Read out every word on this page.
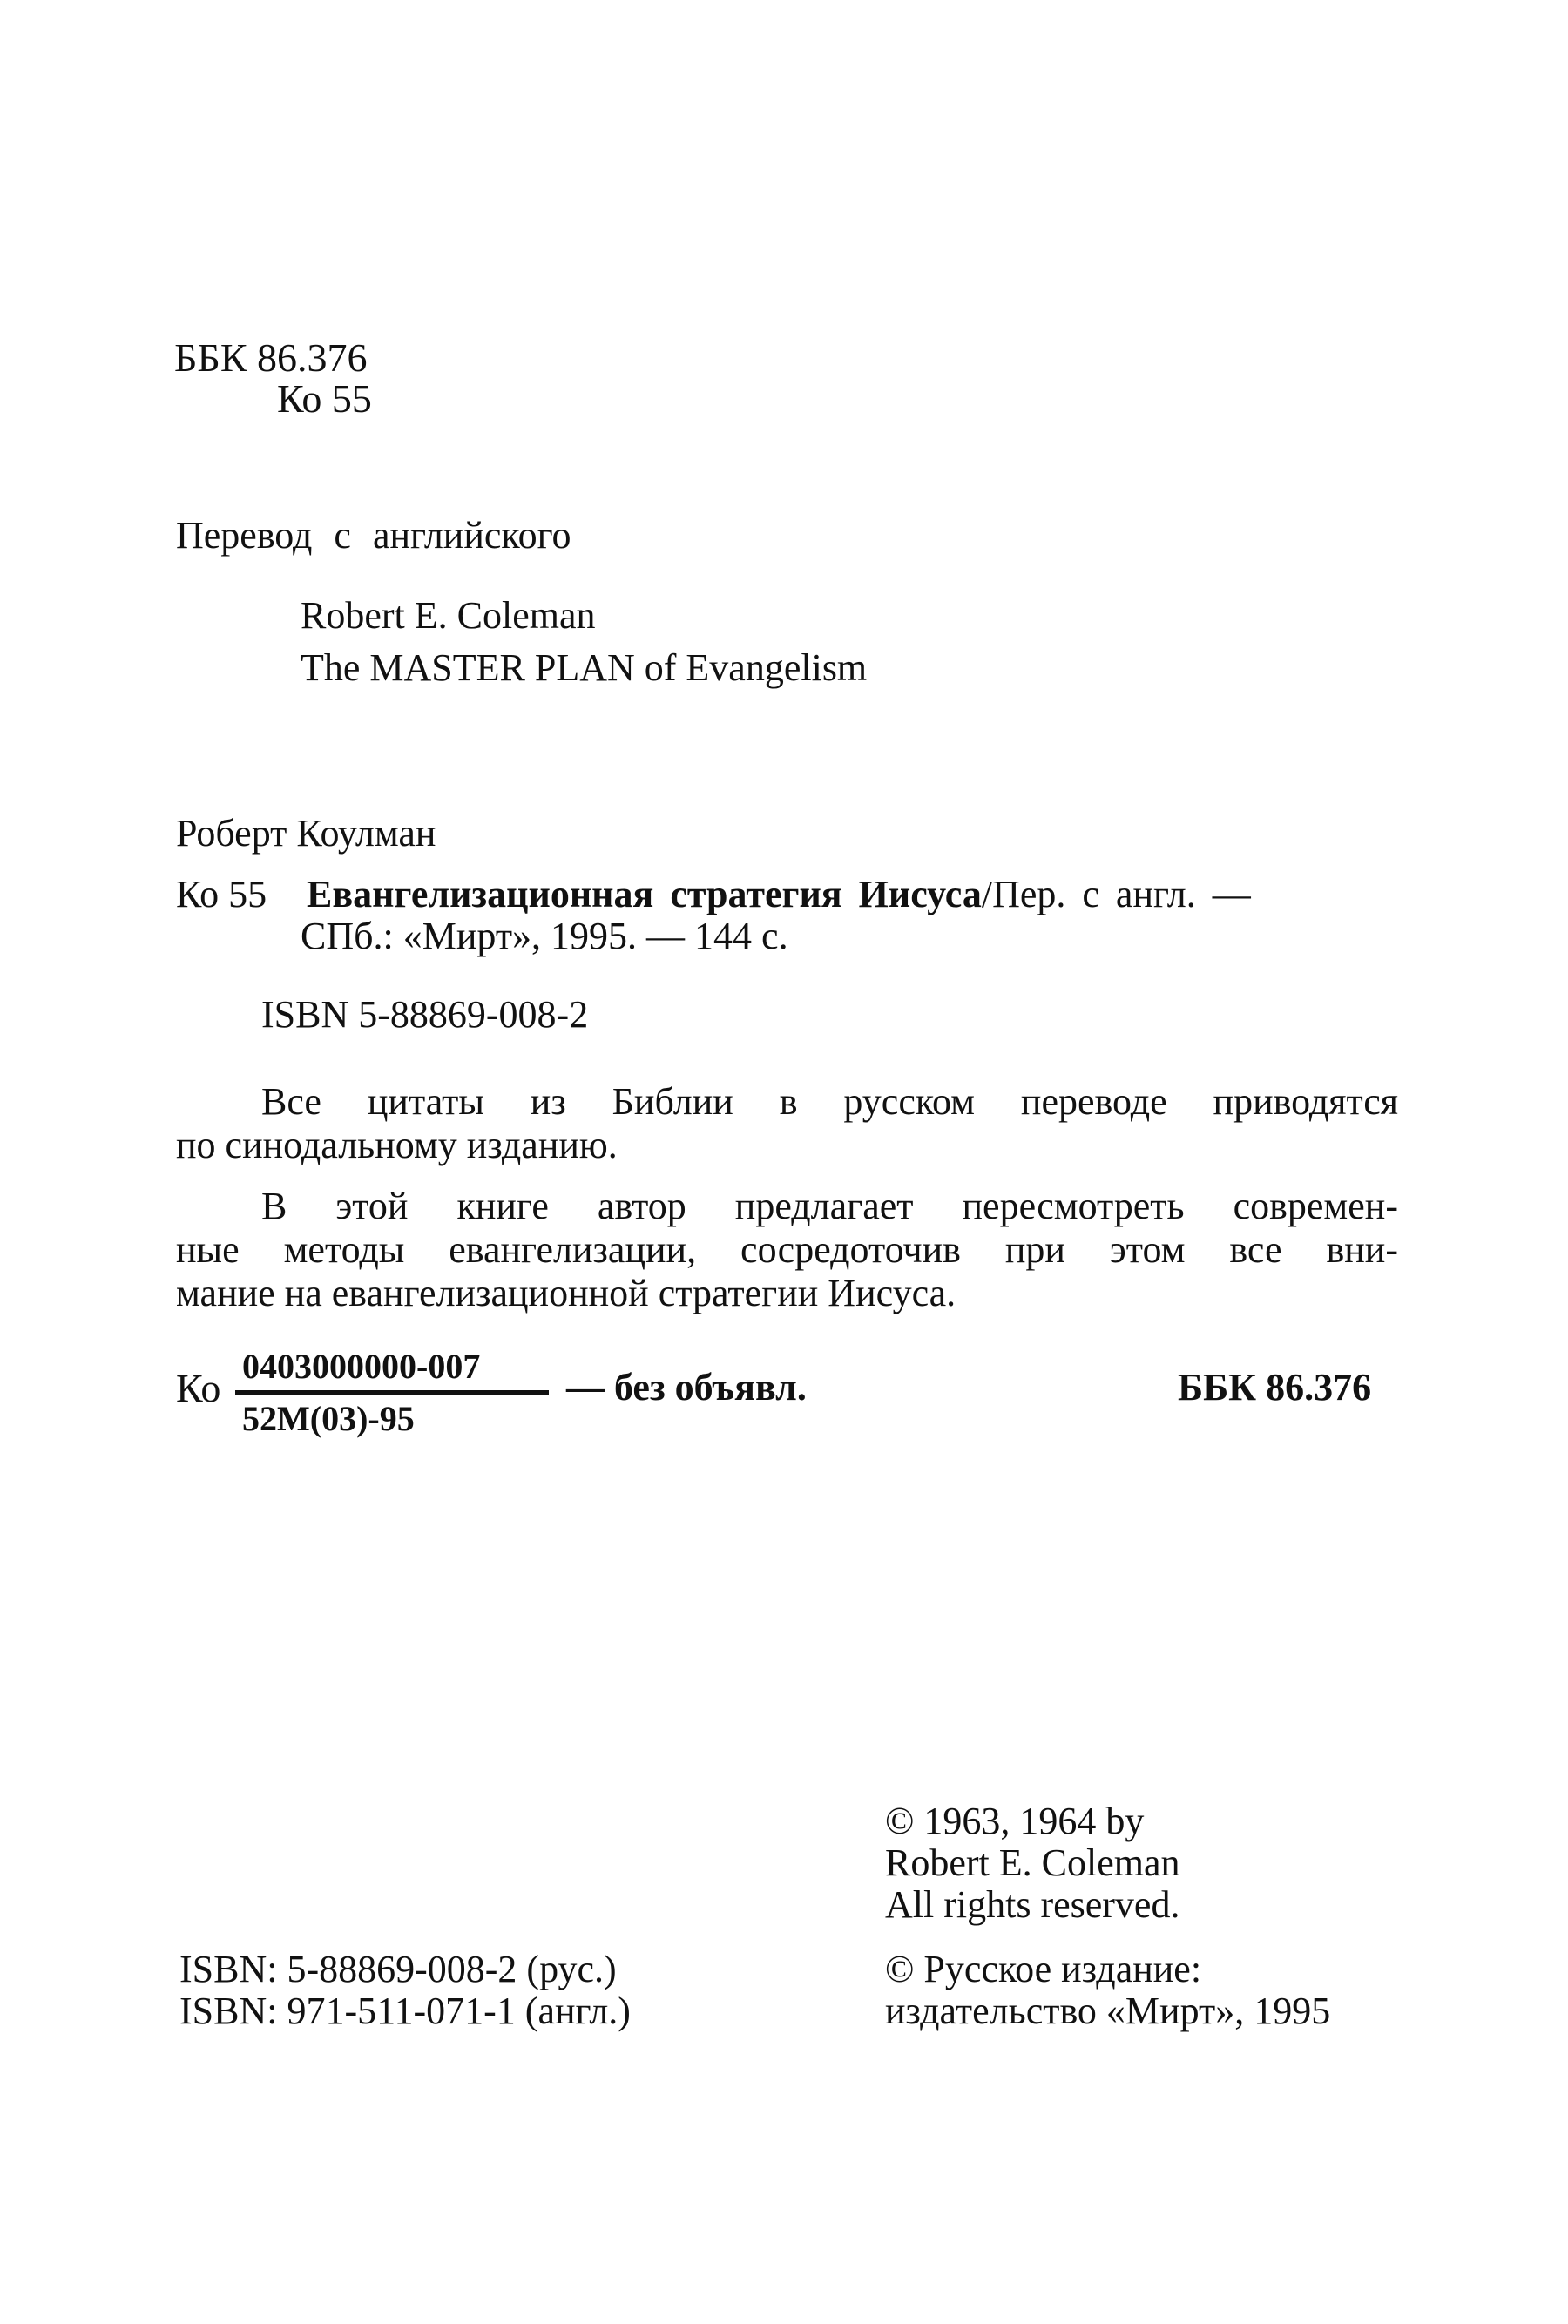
ББК 86.376
Ко 55
Перевод с английского
Robert E. Coleman
The MASTER PLAN of Evangelism
Роберт Коулман
Ко 55 Евангелизационная стратегия Иисуса/Пер. с англ. —
СПб.: «Мирт», 1995. — 144 с.
ISBN 5-88869-008-2
Все цитаты из Библии в русском переводе приводятся
по синодальному изданию.
В этой книге автор предлагает пересмотреть современ-
ные методы евангелизации, сосредоточив при этом все вни-
мание на евангелизационной стратегии Иисуса.
Ко 0403000000-007
52М(03)-95
— без объявл.	ББК 86.376
© 1963, 1964 by
Robert E. Coleman
All rights reserved.
© Русское издание:
издательство «Мирт», 1995
ISBN: 5-88869-008-2 (рус.)
ISBN: 971-511-071-1 (англ.)
